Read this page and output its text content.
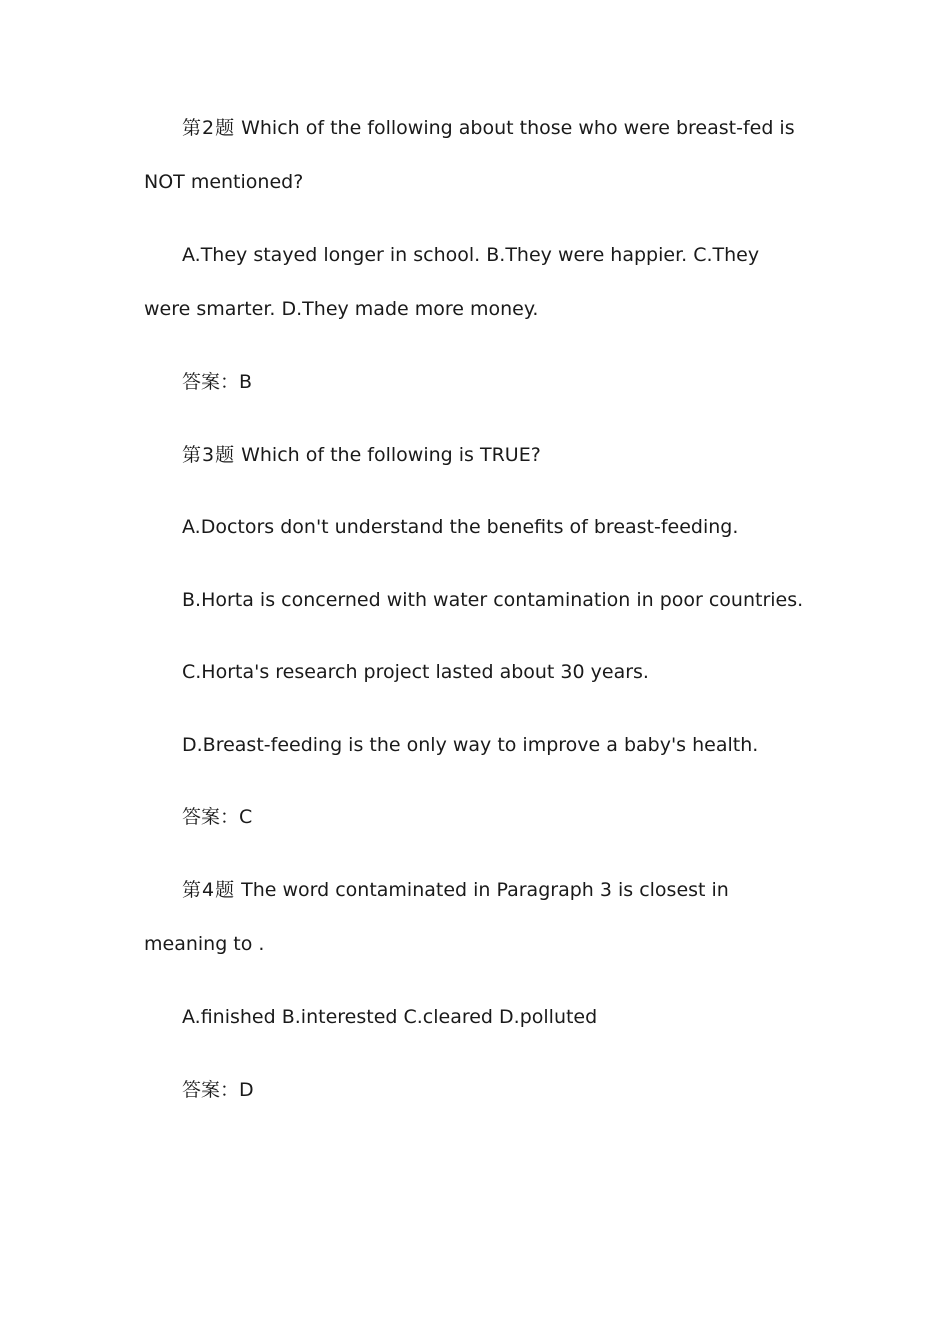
第2题 Which of the following about those who were breast-fed is NOT mentioned?

A.They stayed longer in school. B.They were happier. C.They were smarter. D.They made more money.

答案：B

第3题 Which of the following is TRUE?

A.Doctors don't understand the benefits of breast-feeding.

B.Horta is concerned with water contamination in poor countries.

C.Horta's research project lasted about 30 years.

D.Breast-feeding is the only way to improve a baby's health.

答案：C

第4题 The word contaminated in Paragraph 3 is closest in meaning to .

A.finished B.interested C.cleared D.polluted

答案：D
